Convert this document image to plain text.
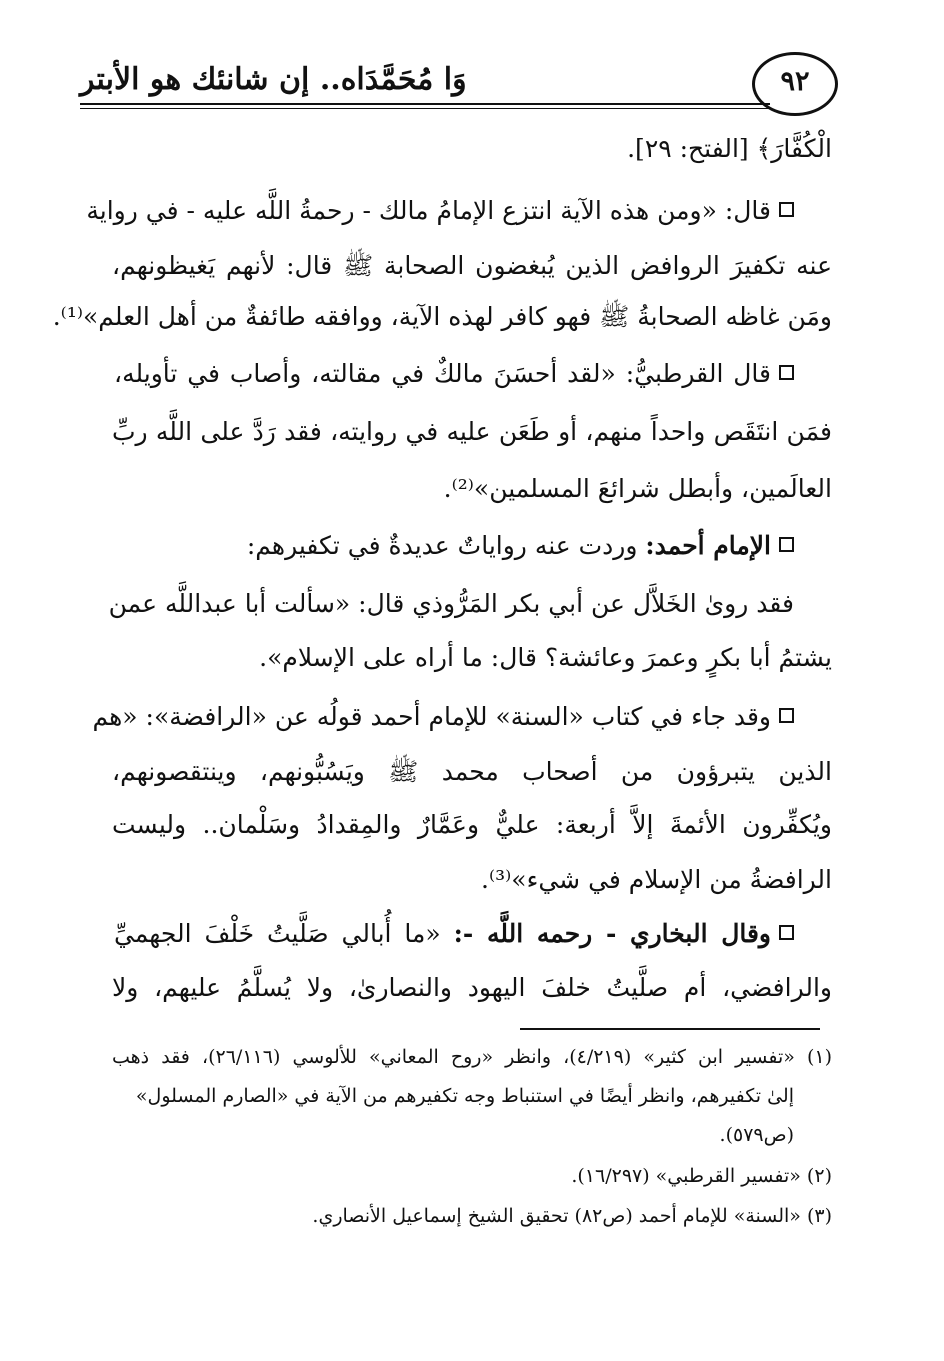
وَا مُحَمَّدَاه.. إن شانئك هو الأبتر	٩٢
الْكُفَّارَ﴾ [الفتح: ٢٩].
قال: «ومن هذه الآية انتزع الإمامُ مالك - رحمةُ اللَّه عليه - في رواية
عنه تكفيرَ الروافض الذين يُبغضون الصحابة ﷺ قال: لأنهم يَغيظونهم،
ومَن غاظه الصحابةُ ﷺ فهو كافر لهذه الآية، ووافقه طائفةٌ من أهل العلم»⁽¹⁾.
قال القرطبيُّ: «لقد أحسَنَ مالكٌ في مقالته، وأصاب في تأويله،
فمَن انتَقَص واحداً منهم، أو طَعَن عليه في روايته، فقد رَدَّ على اللَّه ربِّ
العالَمين، وأبطل شرائعَ المسلمين»⁽²⁾.
الإمام أحمد: وردت عنه رواياتٌ عديدةٌ في تكفيرهم:
فقد روىٰ الخَلاَّل عن أبي بكر المَرُّوذي قال: «سألت أبا عبداللَّه عمن
يشتمُ أبا بكرٍ وعمرَ وعائشة؟ قال: ما أراه على الإسلام».
وقد جاء في كتاب «السنة» للإمام أحمد قولُه عن «الرافضة»: «هم
الذين يتبرؤون من أصحاب محمد ﷺ ويَسُبُّونهم، وينتقصونهم،
ويُكفِّرون الأئمةَ إلاَّ أربعة: عليٌّ وعَمَّارٌ والمِقدادُ وسَلْمان.. وليست
الرافضةُ من الإسلام في شيء»⁽³⁾.
وقال البخاري - رحمه اللَّه -: «ما أُبالي صَلَّيتُ خَلْفَ الجهميِّ
والرافضي، أم صلَّيتُ خلفَ اليهود والنصارىٰ، ولا يُسلَّمُ عليهم، ولا
(١) «تفسير ابن كثير» (٤/٢١٩)، وانظر «روح المعاني» للألوسي (٢٦/١١٦)، فقد ذهب
إلىٰ تكفيرهم، وانظر أيضًا في استنباط وجه تكفيرهم من الآية في «الصارم المسلول»
(ص٥٧٩).
(٢) «تفسير القرطبي» (١٦/٢٩٧).
(٣) «السنة» للإمام أحمد (ص٨٢) تحقيق الشيخ إسماعيل الأنصاري.
